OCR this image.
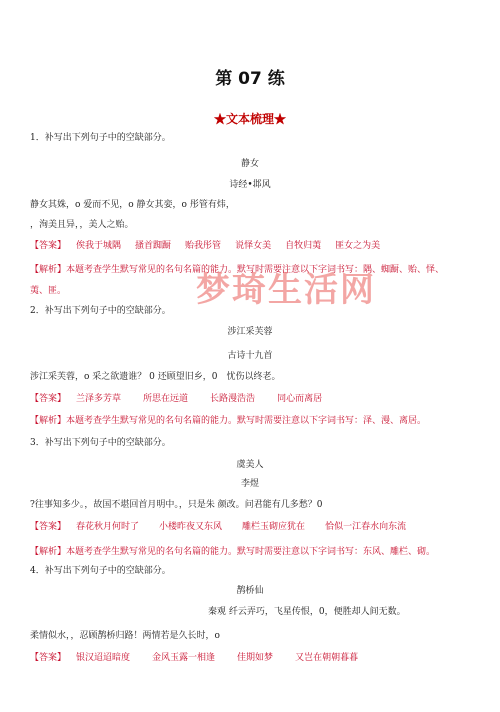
第 07 练
★文本梳理★
梦琦生活网
1．补写出下列句子中的空缺部分。
静女
诗经•邶风
静女其姝，o 爱而不见，o 静女其娈，o 彤管有炜，
，洵美且异，，美人之贻。
【答案】 俟我于城隅 搔首踟蹰 贻我彤管 说怿女美 自牧归荑 匪女之为美
【解析】本题考查学生默写常见的名句名篇的能力。默写时需要注意以下字词书写：隅、蜘蹰、贻、怿、
荑、匪。
2．补写出下列句子中的空缺部分。
涉江采芙蓉
古诗十九首
涉江采芙蓉，o 采之欲遗谁？ 0 还顾望旧乡，0　忧伤以终老。
【答案】 兰泽多芳草 所思在远道 长路漫浩浩 同心而离居
【解析】本题考查学生默写常见的名句名篇的能力。默写时需要注意以下字词书写：泽、漫、离居。
3．补写出下列句子中的空缺部分。
虞美人
李煜
?往事知多少。，故国不堪回首月明中。，只是朱 颜改。问君能有几多愁？0
【答案】 春花秋月何时了 小楼昨夜又东风 雕栏玉砌应犹在 恰似一江春水向东流
【解析】本题考查学生默写常见的名句名篇的能力。默写时需要注意以下字词书写：东风、雕栏、砌。
4．补写出下列句子中的空缺部分。
鹊桥仙
秦观 纤云弄巧，飞星传恨，0，便胜却人间无数。
柔情似水，，忍顾鹊桥归路！两情若是久长时，o
【答案】 银汉迢迢暗度 金风玉露一相逢 佳期如梦 又岂在朝朝暮暮
